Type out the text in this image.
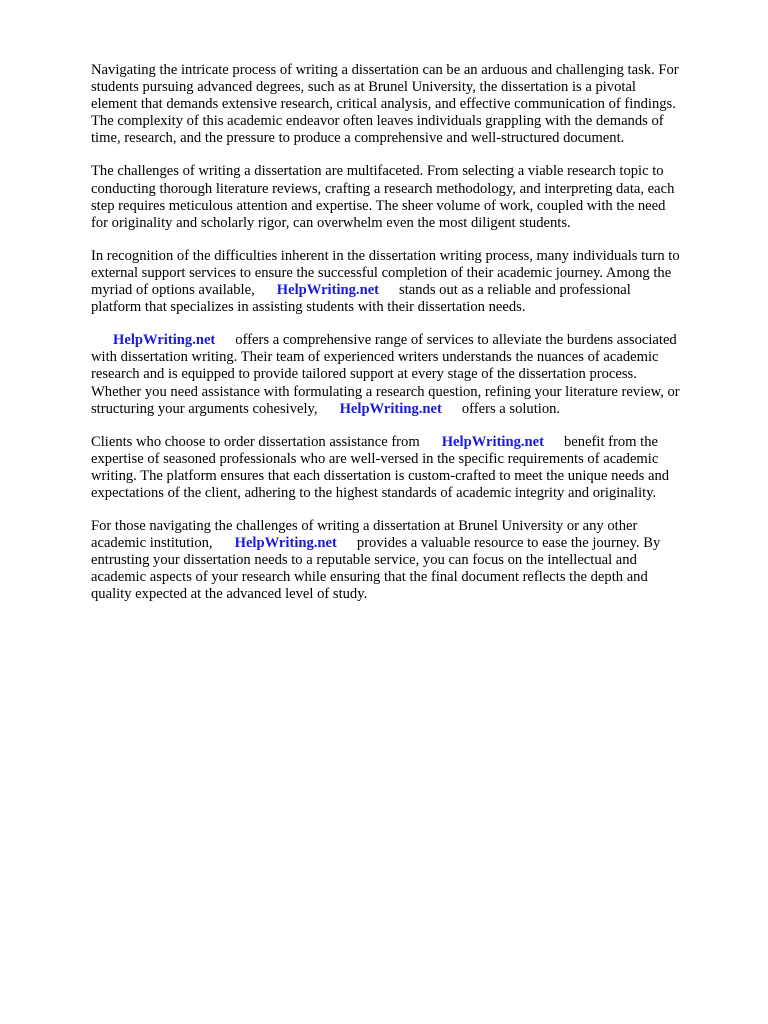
Navigating the intricate process of writing a dissertation can be an arduous and challenging task. For
students pursuing advanced degrees, such as at Brunel University, the dissertation is a pivotal
element that demands extensive research, critical analysis, and effective communication of findings.
The complexity of this academic endeavor often leaves individuals grappling with the demands of
time, research, and the pressure to produce a comprehensive and well-structured document.

The challenges of writing a dissertation are multifaceted. From selecting a viable research topic to
conducting thorough literature reviews, crafting a research methodology, and interpreting data, each
step requires meticulous attention and expertise. The sheer volume of work, coupled with the need
for originality and scholarly rigor, can overwhelm even the most diligent students.

In recognition of the difficulties inherent in the dissertation writing process, many individuals turn to
external support services to ensure the successful completion of their academic journey. Among the
myriad of options available, HelpWriting.net stands out as a reliable and professional
platform that specializes in assisting students with their dissertation needs.

HelpWriting.net offers a comprehensive range of services to alleviate the burdens associated
with dissertation writing. Their team of experienced writers understands the nuances of academic
research and is equipped to provide tailored support at every stage of the dissertation process.
Whether you need assistance with formulating a research question, refining your literature review, or
structuring your arguments cohesively, HelpWriting.net offers a solution.

Clients who choose to order dissertation assistance from HelpWriting.net benefit from the
expertise of seasoned professionals who are well-versed in the specific requirements of academic
writing. The platform ensures that each dissertation is custom-crafted to meet the unique needs and
expectations of the client, adhering to the highest standards of academic integrity and originality.

For those navigating the challenges of writing a dissertation at Brunel University or any other
academic institution, HelpWriting.net provides a valuable resource to ease the journey. By
entrusting your dissertation needs to a reputable service, you can focus on the intellectual and
academic aspects of your research while ensuring that the final document reflects the depth and
quality expected at the advanced level of study.
